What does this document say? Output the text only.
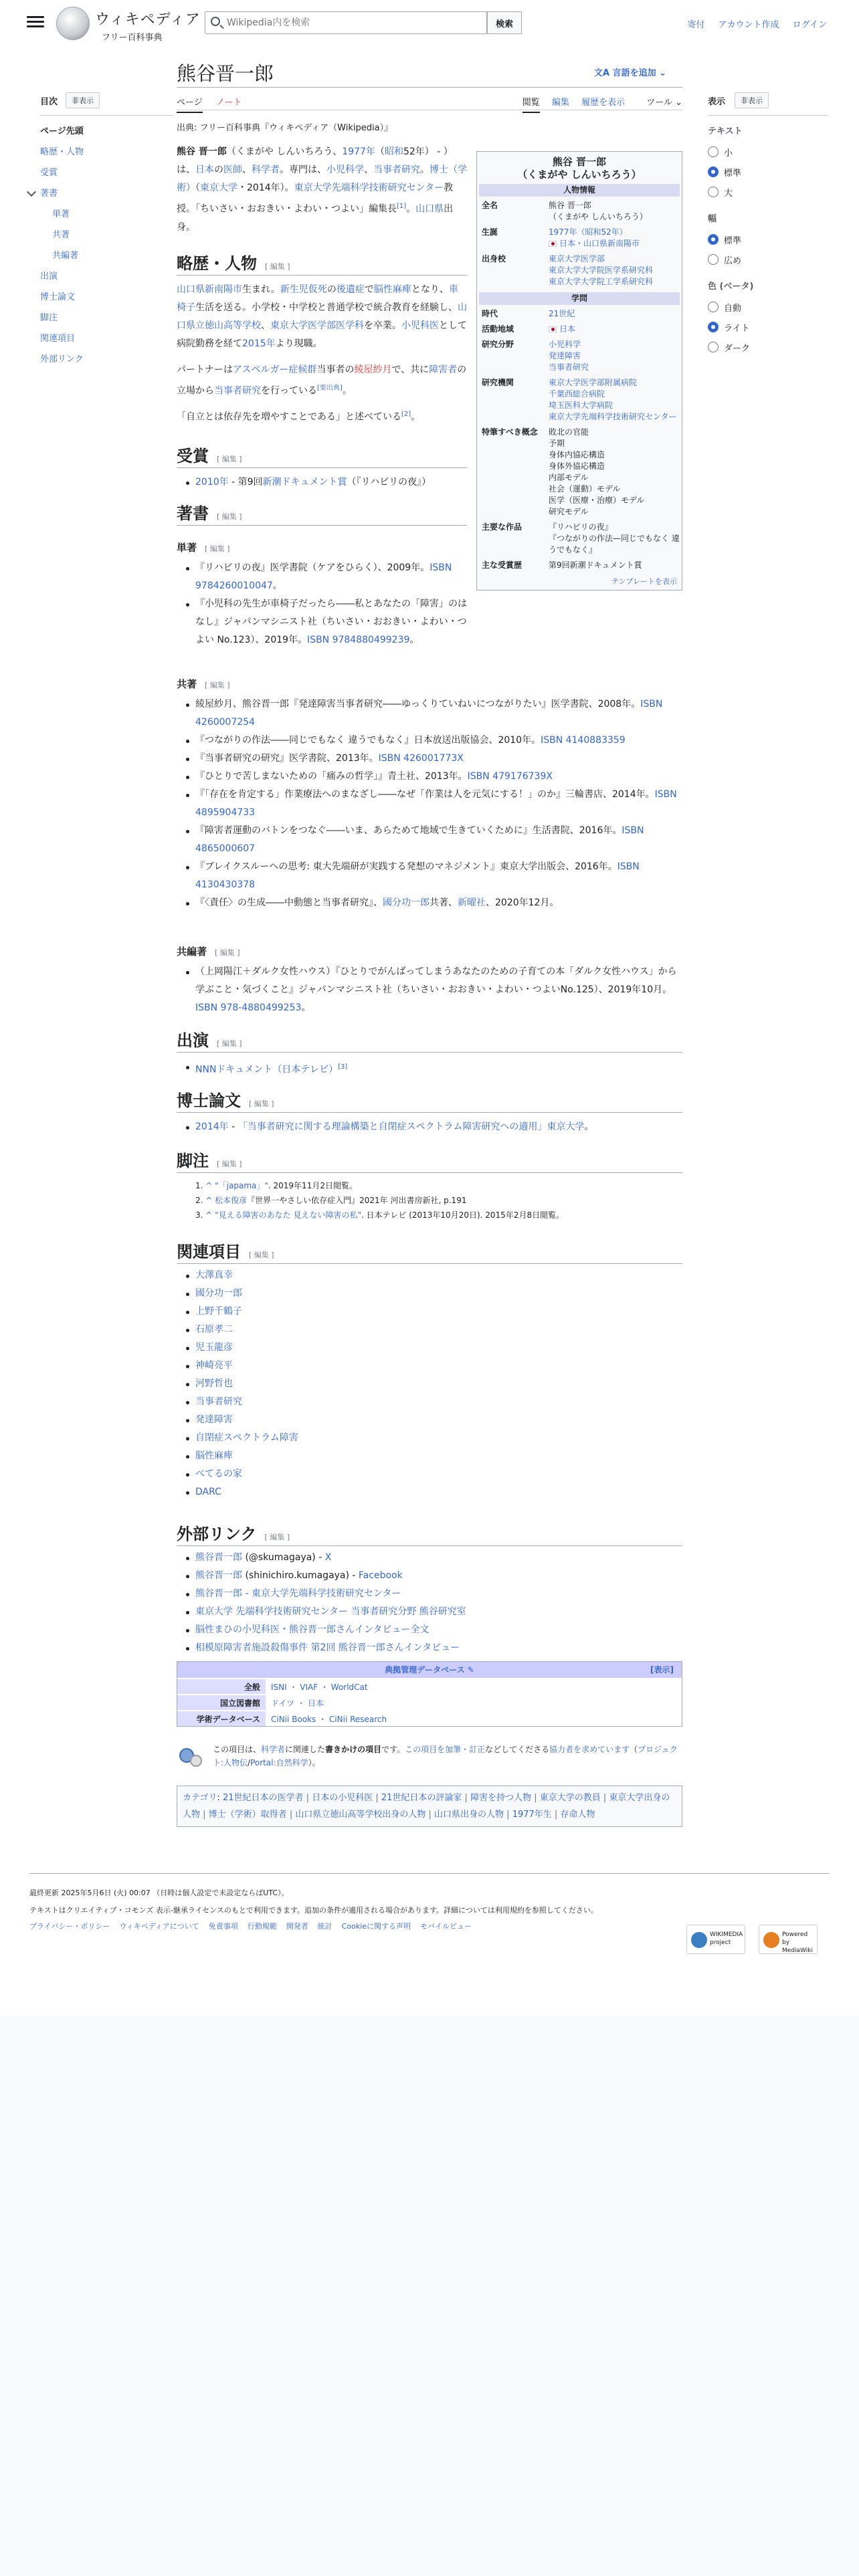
ウィキペディア
フリー百科事典
Wikipedia内を検索
検索	寄付 アカウント作成 ログイン
目次	非表示
ページ先頭
略歴・人物
受賞
著書
単著
共著
共編著
出演
博士論文
脚注
関連項目
外部リンク
熊谷晋一郎	文A 言語を追加 ⌄
ページ ノート	閲覧 編集 履歴を表示 ツール ⌄
出典: フリー百科事典『ウィキペディア（Wikipedia）』
熊谷 晋一郎（くまがや しんいちろう、1977年（昭和52年） - ）は、日本の医師、科学者。専門は、小児科学、当事者研究。博士（学術）（東京大学・2014年）。東京大学先端科学技術研究センター教授。「ちいさい・おおきい・よわい・つよい」編集長[1]。山口県出身。
熊谷 晋一郎
（くまがや しんいちろう）
人物情報
全名	熊谷 晋一郎
（くまがや しんいちろう）
生誕	1977年（昭和52年）
日本・山口県新南陽市
出身校	東京大学医学部
東京大学大学院医学系研究科
東京大学大学院工学系研究科
学問
時代	21世紀
活動地域	日本
研究分野	小児科学
発達障害
当事者研究
研究機関	東京大学医学部附属病院
千葉西総合病院
埼玉医科大学病院
東京大学先端科学技術研究センター
特筆すべき概念	敗北の官能
予期
身体内協応構造
身体外協応構造
内部モデル
社会（運動）モデル
医学（医療・治療）モデル
研究モデル
主要な作品	『リハビリの夜』
『つながりの作法—同じでもなく 違うでもなく』
主な受賞歴	第9回新潮ドキュメント賞
テンプレートを表示
略歴・人物 [ 編集 ]
山口県新南陽市生まれ。新生児仮死の後遺症で脳性麻痺となり、車椅子生活を送る。小学校・中学校と普通学校で統合教育を経験し、山口県立徳山高等学校、東京大学医学部医学科を卒業。小児科医として病院勤務を経て2015年より現職。
パートナーはアスペルガー症候群当事者の綾屋紗月で、共に障害者の立場から当事者研究を行っている[要出典]。
「自立とは依存先を増やすことである」と述べている[2]。
受賞 [ 編集 ]
2010年 - 第9回新潮ドキュメント賞（『リハビリの夜』）
著書 [ 編集 ]
単著 [ 編集 ]
『リハビリの夜』医学書院（ケアをひらく）、2009年。ISBN 9784260010047。
『小児科の先生が車椅子だったら――私とあなたの「障害」のはなし』ジャパンマシニスト社（ちいさい・おおきい・よわい・つよい No.123）、2019年。ISBN 9784880499239。
共著 [ 編集 ]
綾屋紗月、熊谷晋一郎『発達障害当事者研究――ゆっくりていねいにつながりたい』医学書院、2008年。ISBN 4260007254
『つながりの作法――同じでもなく 違うでもなく』日本放送出版協会、2010年。ISBN 4140883359
『当事者研究の研究』医学書院、2013年。ISBN 426001773X
『ひとりで苦しまないための「痛みの哲学」』青土社、2013年。ISBN 479176739X
『「存在を肯定する」作業療法へのまなざし――なぜ「作業は人を元気にする！」のか』三輪書店、2014年。ISBN 4895904733
『障害者運動のバトンをつなぐ――いま、あらためて地域で生きていくために』生活書院、2016年。ISBN 4865000607
『ブレイクスルーへの思考: 東大先端研が実践する発想のマネジメント』東京大学出版会、2016年。ISBN 4130430378
『〈責任〉の生成――中動態と当事者研究』、國分功一郎共著、新曜社、2020年12月。
共編著 [ 編集 ]
（上岡陽江＋ダルク女性ハウス）『ひとりでがんばってしまうあなたのための子育ての本「ダルク女性ハウス」から学ぶこと・気づくこと』ジャパンマシニスト社（ちいさい・おおきい・よわい・つよいNo.125）、2019年10月。ISBN 978-4880499253。
出演 [ 編集 ]
NNNドキュメント（日本テレビ）[3]
博士論文 [ 編集 ]
2014年 - 「当事者研究に関する理論構築と自閉症スペクトラム障害研究への適用」東京大学。
脚注 [ 編集 ]
1. ^ "「japama」". 2019年11月2日閲覧。
2. ^ 松本俊彦『世界一やさしい依存症入門』2021年 河出書房新社, p.191
3. ^ "見える障害のあなた 見えない障害の私". 日本テレビ (2013年10月20日). 2015年2月8日閲覧。
関連項目 [ 編集 ]
大澤真幸
國分功一郎
上野千鶴子
石原孝二
児玉龍彦
神崎亮平
河野哲也
当事者研究
発達障害
自閉症スペクトラム障害
脳性麻痺
べてるの家
DARC
外部リンク [ 編集 ]
熊谷晋一郎 (@skumagaya) - X
熊谷晋一郎 (shinichiro.kumagaya) - Facebook
熊谷晋一郎 - 東京大学先端科学技術研究センター
東京大学 先端科学技術研究センター 当事者研究分野 熊谷研究室
脳性まひの小児科医・熊谷晋一郎さんインタビュー全文
相模原障害者施設殺傷事件 第2回 熊谷晋一郎さんインタビュー
典拠管理データベース ✎	[表示]
全般	ISNI ・ VIAF ・ WorldCat
国立図書館	ドイツ ・ 日本
学術データベース	CiNii Books ・ CiNii Research
この項目は、科学者に関連した書きかけの項目です。この項目を加筆・訂正などしてくださる協力者を求めています（プロジェクト:人物伝/Portal:自然科学）。
カテゴリ: 21世紀日本の医学者 | 日本の小児科医 | 21世紀日本の評論家 | 障害を持つ人物 | 東京大学の教員 | 東京大学出身の人物 | 博士（学術）取得者 | 山口県立徳山高等学校出身の人物 | 山口県出身の人物 | 1977年生 | 存命人物
表示	非表示
テキスト
小
標準
大
幅
標準
広め
色 (ベータ)
自動
ライト
ダーク
最終更新 2025年5月6日 (火) 00:07 （日時は個人設定で未設定ならばUTC）。
テキストはクリエイティブ・コモンズ 表示-継承ライセンスのもとで利用できます。追加の条件が適用される場合があります。詳細については利用規約を参照してください。
プライバシー・ポリシー ウィキペディアについて 免責事項 行動規範 開発者 統計 Cookieに関する声明 モバイルビュー
WIKIMEDIA project
Powered by MediaWiki
